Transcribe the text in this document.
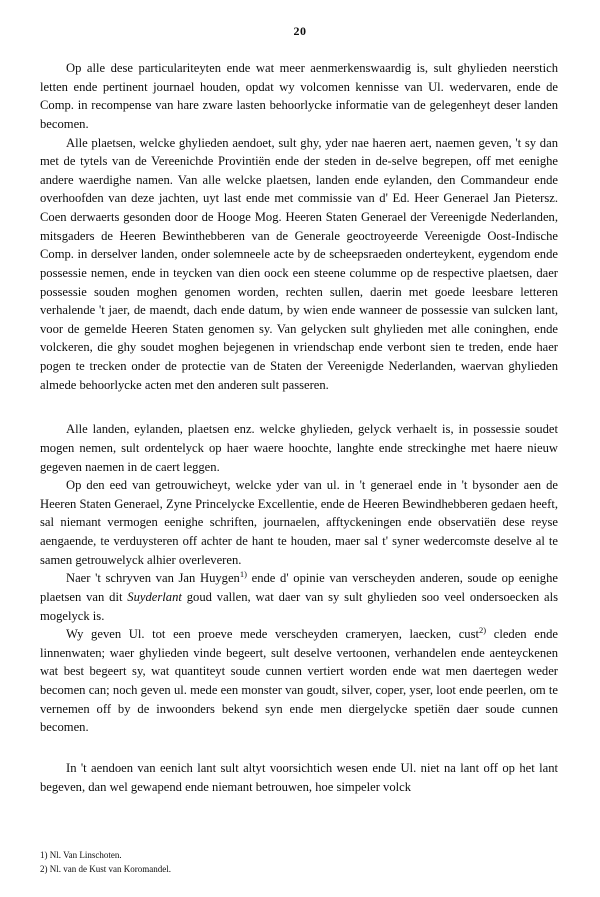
20

Op alle dese particulariteyten ende wat meer aenmerkenswaardig is, sult ghylieden neerstich letten ende pertinent journael houden, opdat wy volcomen kennisse van Ul. wedervaren, ende de Comp. in recompense van hare zware lasten behoorlycke informatie van de gelegenheyt deser landen becomen.

Alle plaetsen, welcke ghylieden aendoet, sult ghy, yder nae haeren aert, naemen geven, 't sy dan met de tytels van de Vereenichde Provintiën ende der steden in de-selve begrepen, off met eenighe andere waerdighe namen. Van alle welcke plaetsen, landen ende eylanden, den Commandeur ende overhoofden van deze jachten, uyt last ende met commissie van d' Ed. Heer Generael Jan Pietersz. Coen derwaerts gesonden door de Hooge Mog. Heeren Staten Generael der Vereenigde Nederlanden, mitsgaders de Heeren Bewinthebberen van de Generale geoctroyeerde Vereenigde Oost-Indische Comp. in derselver landen, onder solemneele acte by de scheepsraeden onderteykent, eygendom ende possessie nemen, ende in teycken van dien oock een steene columme op de respective plaetsen, daer possessie souden moghen genomen worden, rechten sullen, daerin met goede leesbare letteren verhalende 't jaer, de maendt, dach ende datum, by wien ende wanneer de possessie van sulcken lant, voor de gemelde Heeren Staten genomen sy. Van gelycken sult ghylieden met alle coninghen, ende volckeren, die ghy soudet moghen bejegenen in vriendschap ende verbont sien te treden, ende haer pogen te trecken onder de protectie van de Staten der Vereenigde Nederlanden, waervan ghylieden almede behoorlycke acten met den anderen sult passeren.

Alle landen, eylanden, plaetsen enz. welcke ghylieden, gelyck verhaelt is, in possessie soudet mogen nemen, sult ordentelyck op haer waere hoochte, langhte ende streckinghe met haere nieuw gegeven naemen in de caert leggen.

Op den eed van getrouwicheyt, welcke yder van ul. in 't generael ende in 't bysonder aen de Heeren Staten Generael, Zyne Princelycke Excellentie, ende de Heeren Bewindhebberen gedaen heeft, sal niemant vermogen eenighe schriften, journaelen, afftyckeningen ende observatiën dese reyse aengaende, te verduysteren off achter de hant te houden, maer sal t' syner wedercomste deselve al te samen getrouwelyck alhier overleveren.

Naer 't schryven van Jan Huygen$^{1)}$ ende d' opinie van verscheyden anderen, soude op eenighe plaetsen van dit Suyderlant goud vallen, wat daer van sy sult ghylieden soo veel ondersoecken als mogelyck is.

Wy geven Ul. tot een proeve mede verscheyden crameryen, laecken, cust$^{2)}$ cleden ende linnenwaten; waer ghylieden vinde begeert, sult deselve vertoonen, verhandelen ende aenteyckenen wat best begeert sy, wat quantiteyt soude cunnen vertiert worden ende wat men daertegen weder becomen can; noch geven ul. mede een monster van goudt, silver, coper, yser, loot ende peerlen, om te vernemen off by de inwoonders bekend syn ende men diergelycke spetiën daer soude cunnen becomen.

In 't aendoen van eenich lant sult altyt voorsichtich wesen ende Ul. niet na lant off op het lant begeven, dan wel gewapend ende niemant betrouwen, hoe simpeler volck

1) Nl. Van Linschoten.

2) Nl. van de Kust van Koromandel.
